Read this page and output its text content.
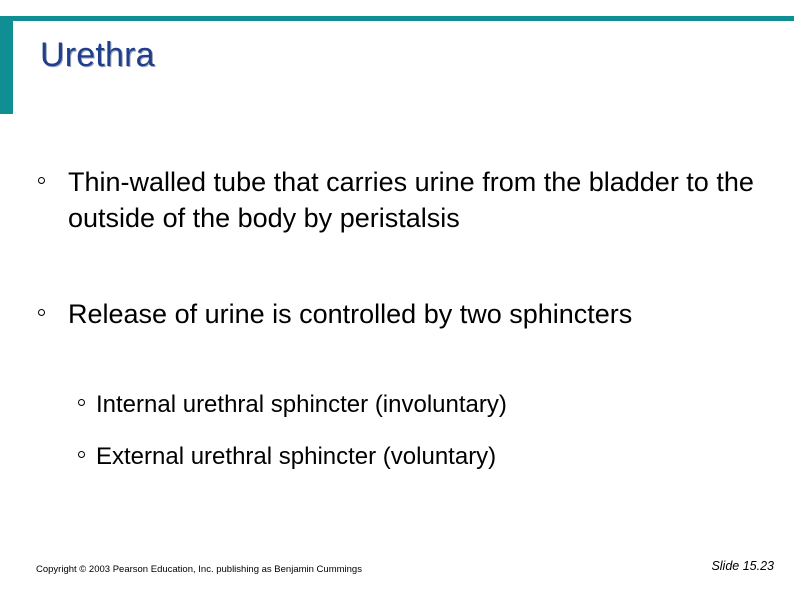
Urethra
Thin-walled tube that carries urine from the bladder to the outside of the body by peristalsis
Release of urine is controlled by two sphincters
Internal urethral sphincter (involuntary)
External urethral sphincter (voluntary)
Copyright © 2003 Pearson Education, Inc. publishing as Benjamin Cummings	Slide 15.23
